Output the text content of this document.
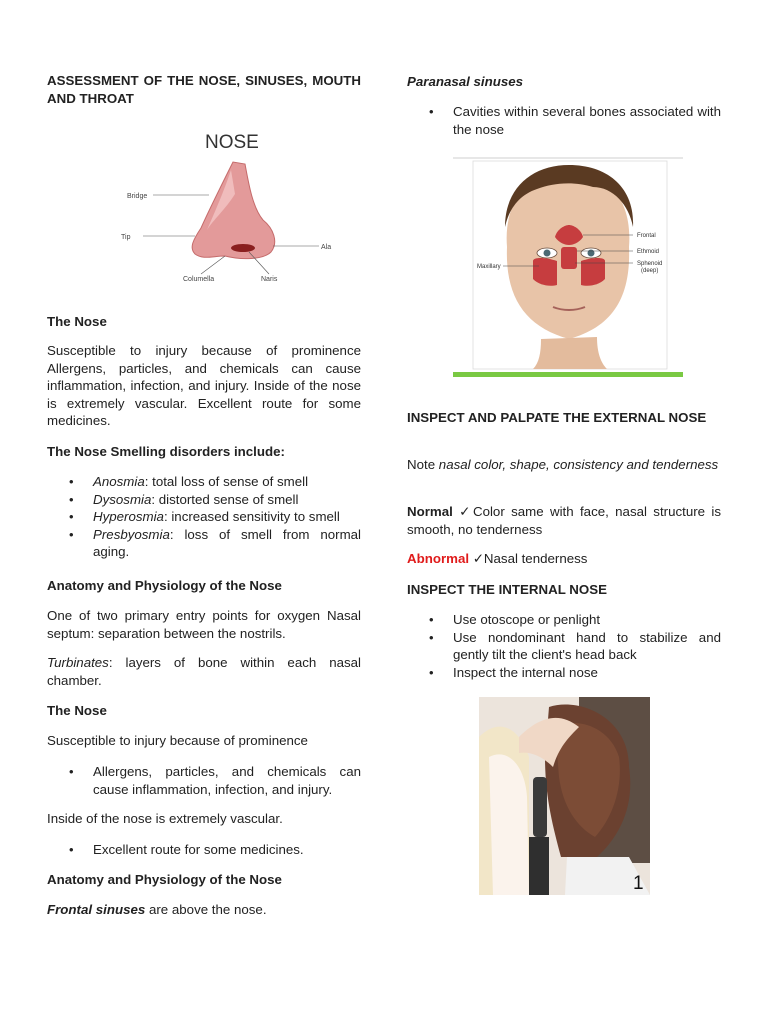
ASSESSMENT OF THE NOSE, SINUSES, MOUTH AND THROAT

NOSE
Bridge
Tip
Ala
Columella	Naris

The Nose

Susceptible to injury because of prominence Allergens, particles, and chemicals can cause inflammation, infection, and injury. Inside of the nose is extremely vascular. Excellent route for some medicines.

The Nose Smelling disorders include:

• Anosmia: total loss of sense of smell
• Dysosmia: distorted sense of smell
• Hyperosmia: increased sensitivity to smell
• Presbyosmia: loss of smell from normal aging.

Anatomy and Physiology of the Nose

One of two primary entry points for oxygen Nasal septum: separation between the nostrils.

Turbinates: layers of bone within each nasal chamber.

The Nose

Susceptible to injury because of prominence

• Allergens, particles, and chemicals can cause inflammation, infection, and injury.

Inside of the nose is extremely vascular.

• Excellent route for some medicines.

Anatomy and Physiology of the Nose

Frontal sinuses are above the nose.

Paranasal sinuses

• Cavities within several bones associated with the nose
Frontal
Ethmoid
Sphenoid
(deep)
Maxillary

INSPECT AND PALPATE THE EXTERNAL NOSE

Note nasal color, shape, consistency and tenderness

Normal ✓Color same with face, nasal structure is smooth, no tenderness

Abnormal ✓Nasal tenderness

INSPECT THE INTERNAL NOSE

• Use otoscope or penlight
• Use nondominant hand to stabilize and gently tilt the client's head back
• Inspect the internal nose
1
